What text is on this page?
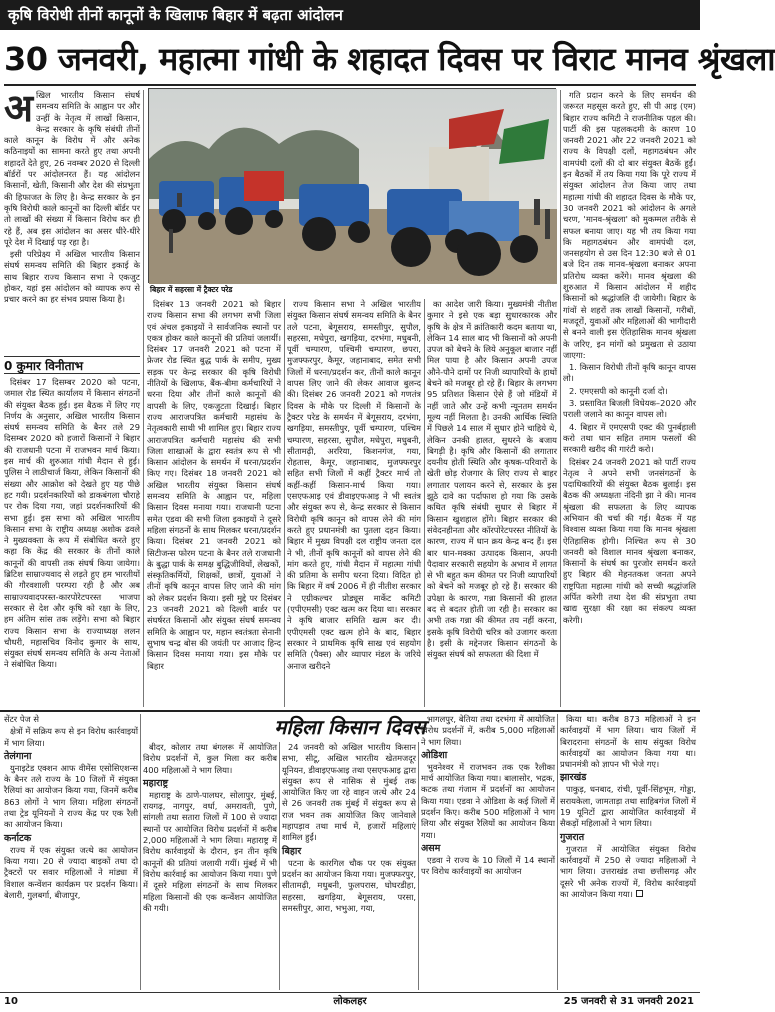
कृषि विरोधी तीनों कानूनों के खिलाफ बिहार में बढ़ता आंदोलन
30 जनवरी, महात्मा गांधी के शहादत दिवस पर विराट मानव श्रृंखला
अ खिल भारतीय किसान संघर्ष समन्वय समिति के आह्वान पर और उन्हीं के नेतृत्व में लाखों किसान, केन्द्र सरकार के कृषि संबंधी तीनों काले कानून के विरोध में और अनेक कठिनाइयों का सामना करते हुए तथा अपनी शहादतें देते हुए, 26 नवम्बर 2020 से दिल्ली बॉर्डरों पर आंदोलनरत हैं। यह आंदोलन किसानों, खेती, किसानी और देश की संप्रभुता की हिफाजत के लिए है। केन्द्र सरकार के इन कृषि विरोधी काले कानूनों का दिल्ली बॉर्डर पर तो लाखों की संख्या में किसान विरोध कर ही रहे हैं, अब इस आंदोलन का असर धीरे-धीरे पूरे देश में दिखाई पड़ रहा है।

इसी परिप्रेक्ष्य में अखिल भारतीय किसान संघर्ष समन्वय समिति की बिहार इकाई के साथ बिहार राज्य किसान सभा ने एकजुट होकर, यहां इस आंदोलन को व्यापक रूप से प्रचार करने का हर संभव प्रयास किया है।

0 कुमार विनीताभ
बिहार में सहरसा में ट्रैक्टर परेड

दिसंबर 17 दिसम्बर 2020 को पटना, जमाल रोड स्थित कार्यालय में किसान संगठनों की संयुक्त बैठक हुई। इस बैठक में लिए गए निर्णय के अनुसार, अखिल भारतीय किसान संघर्ष समन्वय समिति के बैनर तले 29 दिसम्बर 2020 को हजारों किसानों ने बिहार की राजधानी पटना में राजभवन मार्च किया। इस मार्च की शुरुआत गांधी मैदान से हुई। पुलिस ने लाठीचार्ज किया, लेकिन किसानों की संख्या और आक्रोश को देखते हुए यह पीछे हट गयी। प्रदर्शनकारियों को डाकबंगला चौराहे पर रोक दिया गया, जहां प्रदर्शनकारियों की सभा हुई। इस सभा को अखिल भारतीय किसान सभा के राष्ट्रीय अध्यक्ष अशोक ढवले ने मुख्यवक्ता के रूप में संबोधित करते हुए कहा कि केंद्र की सरकार के तीनों काले कानूनों की वापसी तक संघर्ष किया जायेगा। ब्रिटिश साम्राज्यवाद से लड़ते हुए हम भारतीयों की गौरवशाली परम्परा रही है और अब साम्राज्यवादपरस्त-कारपोरेटपरस्त भाजपा सरकार से देश और कृषि को रक्षा के लिए, हम अंतिम सांस तक लड़ेंगे। सभा को बिहार राज्य किसान सभा के राज्याध्यक्ष ललन चौधरी, महासचिव विनोद कुमार के साथ, संयुक्त संघर्ष समन्वय समिति के अन्य नेताओं ने संबोधित किया।

दिसंबर 13 जनवरी 2021 को बिहार राज्य किसान सभा की लगभग सभी जिला एवं अंचल इकाइयों ने सार्वजनिक स्थानों पर एकत्र होकर काले कानूनों की प्रतियां जलायीं। दिसंबर 17 जनवरी 2021 को पटना में फ्रेजर रोड स्थित बुद्ध पार्क के समीप, मुख्य सड़क पर केन्द्र सरकार की कृषि विरोधी नीतियों के खिलाफ, बैंक-बीमा कर्मचारियों ने धरना दिया और तीनों काले कानूनों की वापसी के लिए, एकजुटता दिखाई। बिहार राज्य आराजपत्रित कर्मचारी महासंघ के नेतृत्वकारी साथी भी शामिल हुए। बिहार राज्य आराजपत्रित कर्मचारी महासंघ की सभी जिला शाखाओं के द्वारा स्वतंत्र रूप से भी किसान आंदोलन के समर्थन में धरना/प्रदर्शन किए गए। दिसंबर 18 जनवरी 2021 को अखिल भारतीय संयुक्त किसान संघर्ष समन्वय समिति के आह्वान पर, महिला किसान दिवस मनाया गया। राजधानी पटना समेत एडवा की सभी जिला इकाइयों ने दूसरे महिला संगठनों के साथ मिलकर धरना/प्रदर्शन किया। दिसंबर 21 जनवरी 2021 को सिटीजन्स फोरम पटना के बैनर तले राजधानी के बुद्धा पार्क के समक्ष बुद्धिजीवियों, लेखकों, संस्कृतिकर्मियों, शिक्षकों, छात्रों, युवाओं ने तीनों कृषि कानून वापस लिए जाने की मांग को लेकर प्रदर्शन किया। इसी मुद्दे पर दिसंबर 23 जनवरी 2021 को दिल्ली बार्डर पर संघर्षरत किसानों और संयुक्त संघर्ष समन्वय समिति के आह्वान पर, महान स्वतंत्रता सेनानी सुभाष चन्द्र बोस की जयंती पर आजाद हिन्द किसान दिवस मनाया गया। इस मौके पर बिहार

राज्य किसान सभा ने अखिल भारतीय संयुक्त किसान संघर्ष समन्वय समिति के बैनर तले पटना, बेगूसराय, समस्तीपुर, सुपौल, सहरसा, मधेपुरा, खगड़िया, दरभंगा, मधुबनी, पूर्वी चम्पारण, पश्चिमी चम्पारण, छपरा, मुजफ्फरपुर, कैमूर, जहानाबाद, समेत सभी जिलों में धरना/प्रदर्शन कर, तीनों काले कानून वापस लिए जाने की लेकर आवाज बुलन्द की। दिसंबर 26 जनवरी 2021 को गणतंत्र दिवस के मौके पर दिल्ली में किसानों के ट्रैक्टर परेड के समर्थन में बेगूसराय, दरभंगा, खगड़िया, समस्तीपुर, पूर्वी चम्पारण, पश्चिम चम्पारण, सहरसा, सुपौल, मधेपुरा, मधुबनी, सीतामढ़ी, अररिया, किशनगंज, गया, रोहतास, कैमूर, जहानाबाद, मुजफ्फरपुर सहित सभी जिलों में कहीं ट्रैक्टर मार्च तो कहीं-कहीं किसान-मार्च किया गया। एसएफआइ एवं डीवाइएफआइ ने भी स्वतंत्र और संयुक्त रूप से, केन्द्र सरकार से किसान विरोधी कृषि कानून को वापस लेने की मांग करते हुए प्रधानमंत्री का पुतला दहन किया। बिहार में मुख्य विपक्षी दल राष्ट्रीय जनता दल ने भी, तीनों कृषि कानूनों को वापस लेने की मांग करते हुए, गांधी मैदान में महात्मा गांधी की प्रतिमा के समीप धरना दिया। विदित हो कि बिहार में वर्ष 2006 में ही नीतीश सरकार ने एग्रीकल्चर प्रोड्यूस मार्केट कमिटी (एपीएमसी) एक्ट खत्म कर दिया था। सरकार ने कृषि बाजार समिति खत्म कर दी। एपीएमसी एक्ट खत्म होने के बाद, बिहार सरकार ने प्राथमिक कृषि साख एवं सहयोग समिति (पैक्स) और व्यापार मंडल के जरिये अनाज खरीदने

का आदेश जारी किया। मुख्यमंत्री नीतीश कुमार ने इसे एक बड़ा सुधारकारक और कृषि के क्षेत्र में क्रांतिकारी कदम बताया था, लेकिन 14 साल बाद भी किसानों को अपनी उपज को बेचने के लिये अनुकूल बाजार नहीं मिल पाया है और किसान अपनी उपज औने-पौने दामों पर निजी व्यापारियों के हाथों बेचने को मजबूर हो रहे हैं। बिहार के लगभग 95 प्रतिशत किसान ऐसे हैं जो मंडियों में नहीं जाते और उन्हें कभी न्यूनतम समर्थन मूल्य नहीं मिलता है। उनकी आर्थिक स्थिति में पिछले 14 साल में सुधार होने चाहिये थे, लेकिन उनकी हालत, सुधरने के बजाय बिगड़ी है। कृषि और किसानों की लगातार दयनीय होती स्थिति और कृषक-परिवारों के खेती छोड़ रोजगार के लिए राज्य से बाहर लगातार पलायन करने से, सरकार के इस झूठे दावे का पर्दाफाश हो गया कि उसके कथित कृषि संबंधी सुधार से बिहार में किसान खुशहाल होंगे। बिहार सरकार की संवेदनहीनता और कॉरपोरेटपरस्त नीतियों के कारण, राज्य में धान क्रय केन्द्र बन्द हैं। इस बार धान-मक्का उत्पादक किसान, अपनी पैदावार सरकारी सहयोग के अभाव में लागत से भी बहुत कम कीमत पर निजी व्यापारियों को बेचने को मजबूर हो रहे हैं। सरकार की उपेक्षा के कारण, गन्ना किसानों की हालत बद से बदतर होती जा रही है। सरकार का अभी तक गन्ना की कीमत तय नहीं करना, इसके कृषि विरोधी चरित्र को उजागर करता है। इसी के मद्देनजर किसान संगठनों के संयुक्त संघर्ष को सफलता की दिशा में

गति प्रदान करने के लिए समर्थन की जरूरत महसूस करते हुए, सी पी आइ (एम) बिहार राज्य कमिटी ने राजनीतिक पहल की। पार्टी की इस पहलकदमी के कारण 10 जनवरी 2021 और 22 जनवरी 2021 को राज्य के विपक्षी दलों, महागठबंधन और वामपंथी दलों की दो बार संयुक्त बैठकें हुईं। इन बैठकों में तय किया गया कि पूरे राज्य में संयुक्त आंदोलन तेज किया जाए तथा महात्मा गांधी की शहादत दिवस के मौके पर, 30 जनवरी 2021 को आंदोलन के अगले चरण, 'मानव-श्रृंखला' को मुकम्मल तरीके से सफल बनाया जाए। यह भी तय किया गया कि महागठबंधन और वामपंथी दल, जनसहयोग से उस दिन 12:30 बजे से 01 बजे दिन तक मानव-श्रृंखला बनाकर अपना प्रतिरोध व्यक्त करेंगे। मानव श्रृंखला की शुरुआत में किसान आंदोलन में शहीद किसानों को श्रद्धांजलि दी जायेगी। बिहार के गांवों से शहरों तक लाखों किसानों, गरीबों, मजदूरों, युवाओं और महिलाओं की भागीदारी से बनने वाली इस ऐतिहासिक मानव श्रृंखला के जरिए, इन मांगों को प्रमुखता से उठाया जाएगा:

1. किसान विरोधी तीनों कृषि कानून वापस लो।

2. एमएसपी को कानूनी दर्जा दो।

3. प्रस्तावित बिजली विधेयक–2020 और पराली जलाने का कानून वापस लो।

4. बिहार में एमएसपी एक्ट की पुनर्बहाली करो तथा धान सहित तमाम फसलों की सरकारी खरीद की गारंटी करो।

दिसंबर 24 जनवरी 2021 को पार्टी राज्य नेतृत्व ने अपने सभी जनसंगठनों के पदाधिकारियों की संयुक्त बैठक बुलाई। इस बैठक की अध्यक्षता नंदिनी झा ने की। मानव श्रृंखला की सफलता के लिए व्यापक अभियान की चर्चा की गई। बैठक में यह विश्वास व्यक्त किया गया कि मानव श्रृंखला ऐतिहासिक होगी। निश्चित रूप से 30 जनवरी को विशाल मानव श्रृंखला बनाकर, किसानों के संघर्ष का पुरजोर समर्थन करते हुए बिहार की मेहनतकश जनता अपने राष्ट्रपिता महात्मा गांधी को सच्ची श्रद्धांजलि अर्पित करेगी तथा देश की संप्रभुता तथा खाद्य सुरक्षा की रक्षा का संकल्प व्यक्त करेगी।

महिला किसान दिवस

सेंटर पेज से

क्षेत्रों में सक्रिय रूप से इन विरोध कार्रवाइयों में भाग लिया।

तेलंगाना

युनाइटेड एक्शन आफ वीमेंस एसोसिएशन्स के बैनर तले राज्य के 10 जिलों में संयुक्त रैलियां का आयोजन किया गया, जिनमें करीब 863 लोगों ने भाग लिया। महिला संगठनों तथा ट्रेड यूनियनों ने राज्य केंद्र पर एक रैली का आयोजन किया।

कर्नाटक

राज्य में एक संयुक्त जत्थे का आयोजन किया गया। 20 से ज्यादा बाइकों तथा दो ट्रैक्टरों पर सवार महिलाओं ने मांड्या में विशाल कन्वेंशन कार्यक्रम पर प्रदर्शन किया। बेलारी, गुलबर्गा, बीजापुर,

बीदर, कोलार तथा बंगलरू में आयोजित विरोध प्रदर्शनों में, कुल मिला कर करीब 400 महिलाओं ने भाग लिया।

महाराष्ट्र

महाराष्ट्र के ठाणे-पालघर, सोलापुर, मुंबई, रायगढ़, नागपुर, वर्धा, अमरावती, पुणे, सांगली तथा सतारा जिलों में 100 से ज्यादा स्थानों पर आयोजित विरोध प्रदर्शनों में करीब 2,000 महिलाओं ने भाग लिया। महाराष्ट्र में विरोध कार्रवाइयों के दौरान, इन तीन कृषि कानूनों की प्रतियां जलायी गयीं। मुंबई में भी विरोध कार्रवाई का आयोजन किया गया। पुणे में दूसरे महिला संगठनों के साथ मिलकर महिला किसानों की एक कन्वेंशन आयोजित की गयी।

24 जनवरी को अखिल भारतीय किसान सभा, सीटू, अखिल भारतीय खेतमजदूर यूनियन, डीवाइएफआइ तथा एसएफआइ द्वारा संयुक्त रूप से नासिक से मुंबई तक आयोजित किए जा रहे वाहन जत्थे और 24 से 26 जनवरी तक मुंबई में संयुक्त रूप से राज भवन तक आयोजित किए जानेवाले महापड़ाव तथा मार्च में, हजारों महिलाएं शामिल हुईं।

बिहार

पटना के कारगिल चौक पर एक संयुक्त प्रदर्शन का आयोजन किया गया। मुजफ्फरपुर, सीतामढ़ी, मधुबनी, फुलपरास, घोघरडीहा, सहरसा, खगड़िया, बेगूसराय, परसा, समस्तीपुर, आरा, भभुआ, गया,

भागलपुर, बेतिया तथा दरभंगा में आयोजित विरोध प्रदर्शनों में, करीब 5,000 महिलाओं ने भाग लिया।

ओडिशा

भुवनेश्वर में राजभवन तक एक रैलीका मार्च आयोजित किया गया। बालासोर, भद्रक, कटक तथा गंजाम में प्रदर्शनों का आयोजन किया गया। एडवा ने ओडिशा के कई जिलों में प्रदर्शन किए। करीब 500 महिलाओं ने भाग लिया और संयुक्त रैलियों का आयोजन किया गया।

असम

एडवा ने राज्य के 10 जिलों में 14 स्थानों पर विरोध कार्रवाइयों का आयोजन

किया था। करीब 873 महिलाओं ने इन कार्रवाइयों में भाग लिया। चाय जिलों में बिरादराना संगठनों के साथ संयुक्त विरोध कार्रवाइयों का आयोजन किया गया था। प्रधानमंत्री को ज्ञापन भी भेजे गए।

झारखंड

पाकुड़, धनबाद, रांची, पूर्वी-सिंहभूम, गोड्डा, सरायकेला, जामताड़ा तथा साहिबगंज जिलों में 19 यूनिटों द्वारा आयोजित कार्रवाइयों में सैकड़ों महिलाओं ने भाग लिया।

गुजरात

गुजरात में आयोजित संयुक्त विरोध कार्रवाइयों में 250 से ज्यादा महिलाओं ने भाग लिया। उत्तराखंड तथा छत्तीसगढ़ और दूसरे भी अनेक राज्यों में, विरोध कार्रवाइयों का आयोजन किया गया।

10	लोकलहर	25 जनवरी से 31 जनवरी 2021
